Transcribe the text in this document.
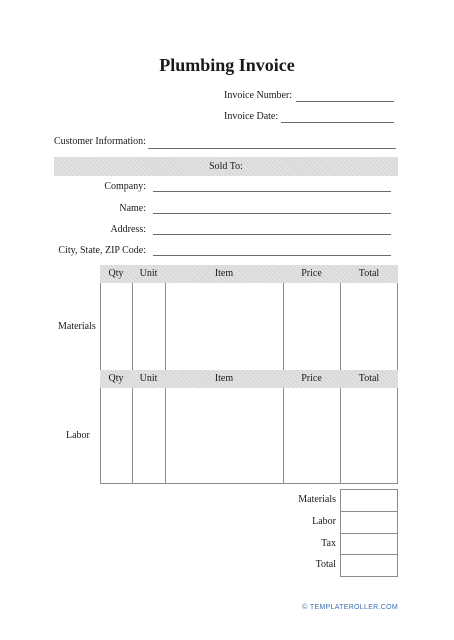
Plumbing Invoice
Invoice Number:
Invoice Date:
Customer Information:
Sold To:
Company:
Name:
Address:
City, State, ZIP Code:
Qty	Unit	Item	Price	Total
Materials
Qty	Unit	Item	Price	Total
Labor
Materials
Labor
Tax
Total
© TEMPLATEROLLER.COM
